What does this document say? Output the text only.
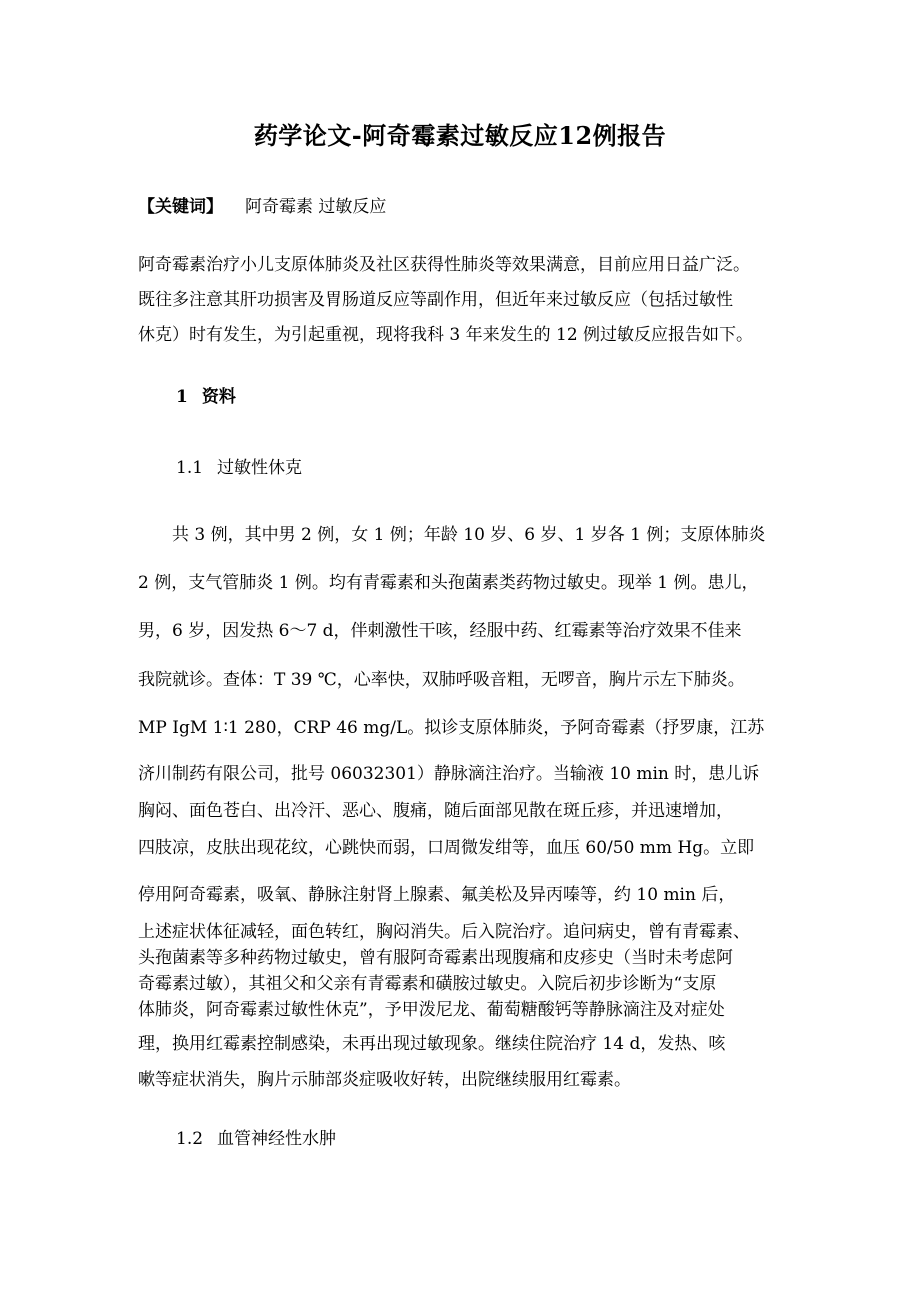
药学论文-阿奇霉素过敏反应12例报告
【关键词】 阿奇霉素 过敏反应
阿奇霉素治疗小儿支原体肺炎及社区获得性肺炎等效果满意，目前应用日益广泛。
既往多注意其肝功损害及胃肠道反应等副作用，但近年来过敏反应（包括过敏性
休克）时有发生，为引起重视，现将我科 3 年来发生的 12 例过敏反应报告如下。
1 资料
1.1 过敏性休克
　　共 3 例，其中男 2 例，女 1 例；年龄 10 岁、6 岁、1 岁各 1 例；支原体肺炎
2 例，支气管肺炎 1 例。均有青霉素和头孢菌素类药物过敏史。现举 1 例。患儿，
男，6 岁，因发热 6～7 d，伴刺激性干咳，经服中药、红霉素等治疗效果不佳来
我院就诊。查体：T 39 ℃，心率快，双肺呼吸音粗，无啰音，胸片示左下肺炎。
MP IgM 1∶1 280，CRP 46 mg/L。拟诊支原体肺炎，予阿奇霉素（抒罗康，江苏
济川制药有限公司，批号 06032301）静脉滴注治疗。当输液 10 min 时，患儿诉
胸闷、面色苍白、出冷汗、恶心、腹痛，随后面部见散在斑丘疹，并迅速增加，
四肢凉，皮肤出现花纹，心跳快而弱，口周微发绀等，血压 60/50 mm Hg。立即
停用阿奇霉素，吸氧、静脉注射肾上腺素、氟美松及异丙嗪等，约 10 min 后，
上述症状体征减轻，面色转红，胸闷消失。后入院治疗。追问病史，曾有青霉素、
头孢菌素等多种药物过敏史，曾有服阿奇霉素出现腹痛和皮疹史（当时未考虑阿
奇霉素过敏），其祖父和父亲有青霉素和磺胺过敏史。入院后初步诊断为“支原
体肺炎，阿奇霉素过敏性休克”，予甲泼尼龙、葡萄糖酸钙等静脉滴注及对症处
理，换用红霉素控制感染，未再出现过敏现象。继续住院治疗 14 d，发热、咳
嗽等症状消失，胸片示肺部炎症吸收好转，出院继续服用红霉素。
1.2 血管神经性水肿
